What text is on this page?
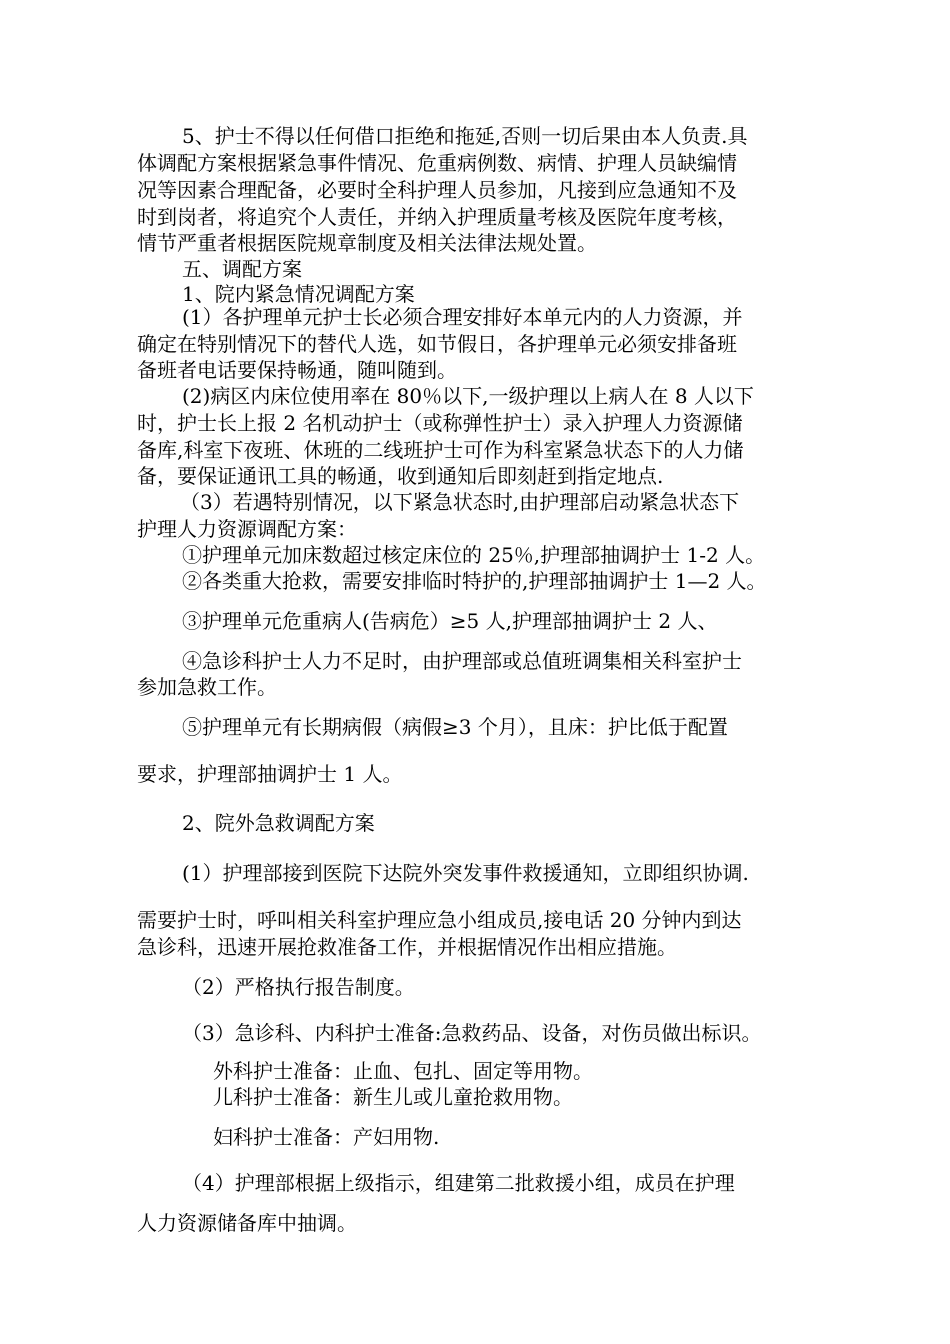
5、护士不得以任何借口拒绝和拖延,否则一切后果由本人负责.具
体调配方案根据紧急事件情况、危重病例数、病情、护理人员缺编情
况等因素合理配备，必要时全科护理人员参加，凡接到应急通知不及
时到岗者，将追究个人责任，并纳入护理质量考核及医院年度考核，
情节严重者根据医院规章制度及相关法律法规处置。
五、调配方案
1、院内紧急情况调配方案
(1）各护理单元护士长必须合理安排好本单元内的人力资源，并
确定在特别情况下的替代人选，如节假日，各护理单元必须安排备班
备班者电话要保持畅通，随叫随到。
(2)病区内床位使用率在 80％以下,一级护理以上病人在 8 人以下
时，护士长上报 2 名机动护士（或称弹性护士）录入护理人力资源储
备库,科室下夜班、休班的二线班护士可作为科室紧急状态下的人力储
备，要保证通讯工具的畅通，收到通知后即刻赶到指定地点.
（3）若遇特别情况，以下紧急状态时,由护理部启动紧急状态下
护理人力资源调配方案：
①护理单元加床数超过核定床位的 25％,护理部抽调护士 1-2 人。
②各类重大抢救，需要安排临时特护的,护理部抽调护士 1—2 人。
③护理单元危重病人(告病危）≥5 人,护理部抽调护士 2 人、
④急诊科护士人力不足时，由护理部或总值班调集相关科室护士
参加急救工作。
⑤护理单元有长期病假（病假≥3 个月），且床：护比低于配置
要求，护理部抽调护士 1 人。
2、院外急救调配方案
(1）护理部接到医院下达院外突发事件救援通知，立即组织协调.
需要护士时，呼叫相关科室护理应急小组成员,接电话 20 分钟内到达
急诊科，迅速开展抢救准备工作，并根据情况作出相应措施。
（2）严格执行报告制度。
（3）急诊科、内科护士准备:急救药品、设备，对伤员做出标识。
外科护士准备：止血、包扎、固定等用物。
儿科护士准备：新生儿或儿童抢救用物。
妇科护士准备：产妇用物.
（4）护理部根据上级指示，组建第二批救援小组，成员在护理
人力资源储备库中抽调。
